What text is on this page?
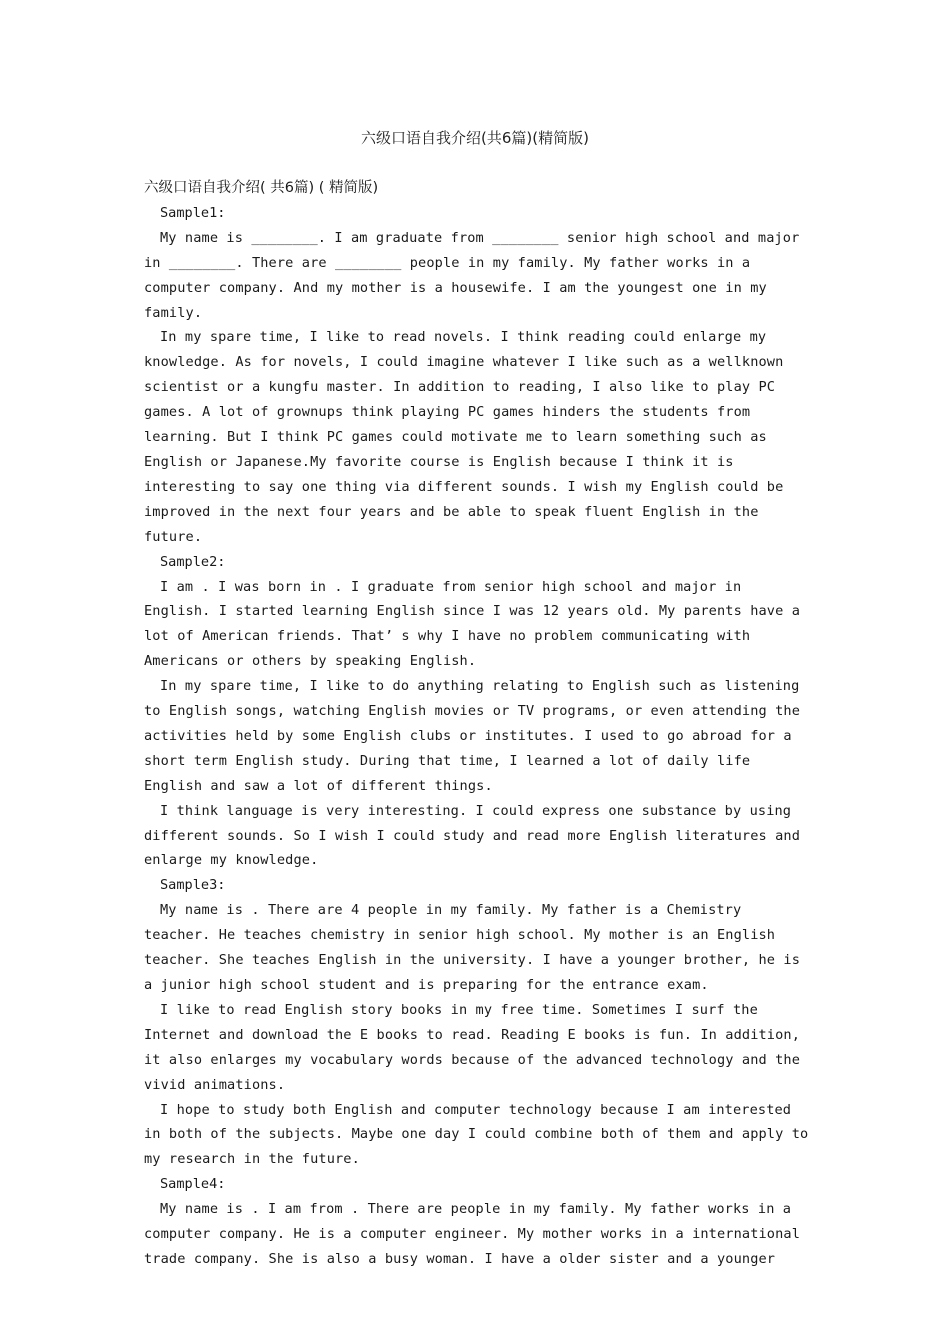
六级口语自我介绍(共6篇)(精简版)

六级口语自我介绍( 共6篇) ( 精简版)

Sample1:

My name is ________. I am graduate from ________ senior high school and major in ________. There are ________ people in my family. My father works in a computer company. And my mother is a housewife. I am the youngest one in my family.

In my spare time, I like to read novels. I think reading could enlarge my knowledge. As for novels, I could imagine whatever I like such as a wellknown scientist or a kungfu master. In addition to reading, I also like to play PC games. A lot of grownups think playing PC games hinders the students from learning. But I think PC games could motivate me to learn something such as English or Japanese.My favorite course is English because I think it is interesting to say one thing via different sounds. I wish my English could be improved in the next four years and be able to speak fluent English in the future.

Sample2:

I am . I was born in . I graduate from senior high school and major in English. I started learning English since I was 12 years old. My parents have a lot of American friends. That’ s why I have no problem communicating with Americans or others by speaking English.

In my spare time, I like to do anything relating to English such as listening to English songs, watching English movies or TV programs, or even attending the activities held by some English clubs or institutes. I used to go abroad for a short term English study. During that time, I learned a lot of daily life English and saw a lot of different things.

I think language is very interesting. I could express one substance by using different sounds. So I wish I could study and read more English literatures and enlarge my knowledge.

Sample3:

My name is . There are 4 people in my family. My father is a Chemistry teacher. He teaches chemistry in senior high school. My mother is an English teacher. She teaches English in the university. I have a younger brother, he is a junior high school student and is preparing for the entrance exam.

I like to read English story books in my free time. Sometimes I surf the Internet and download the E books to read. Reading E books is fun. In addition, it also enlarges my vocabulary words because of the advanced technology and the vivid animations.

I hope to study both English and computer technology because I am interested in both of the subjects. Maybe one day I could combine both of them and apply to my research in the future.

Sample4:

My name is . I am from . There are people in my family. My father works in a computer company. He is a computer engineer. My mother works in a international trade company. She is also a busy woman. I have a older sister and a younger
